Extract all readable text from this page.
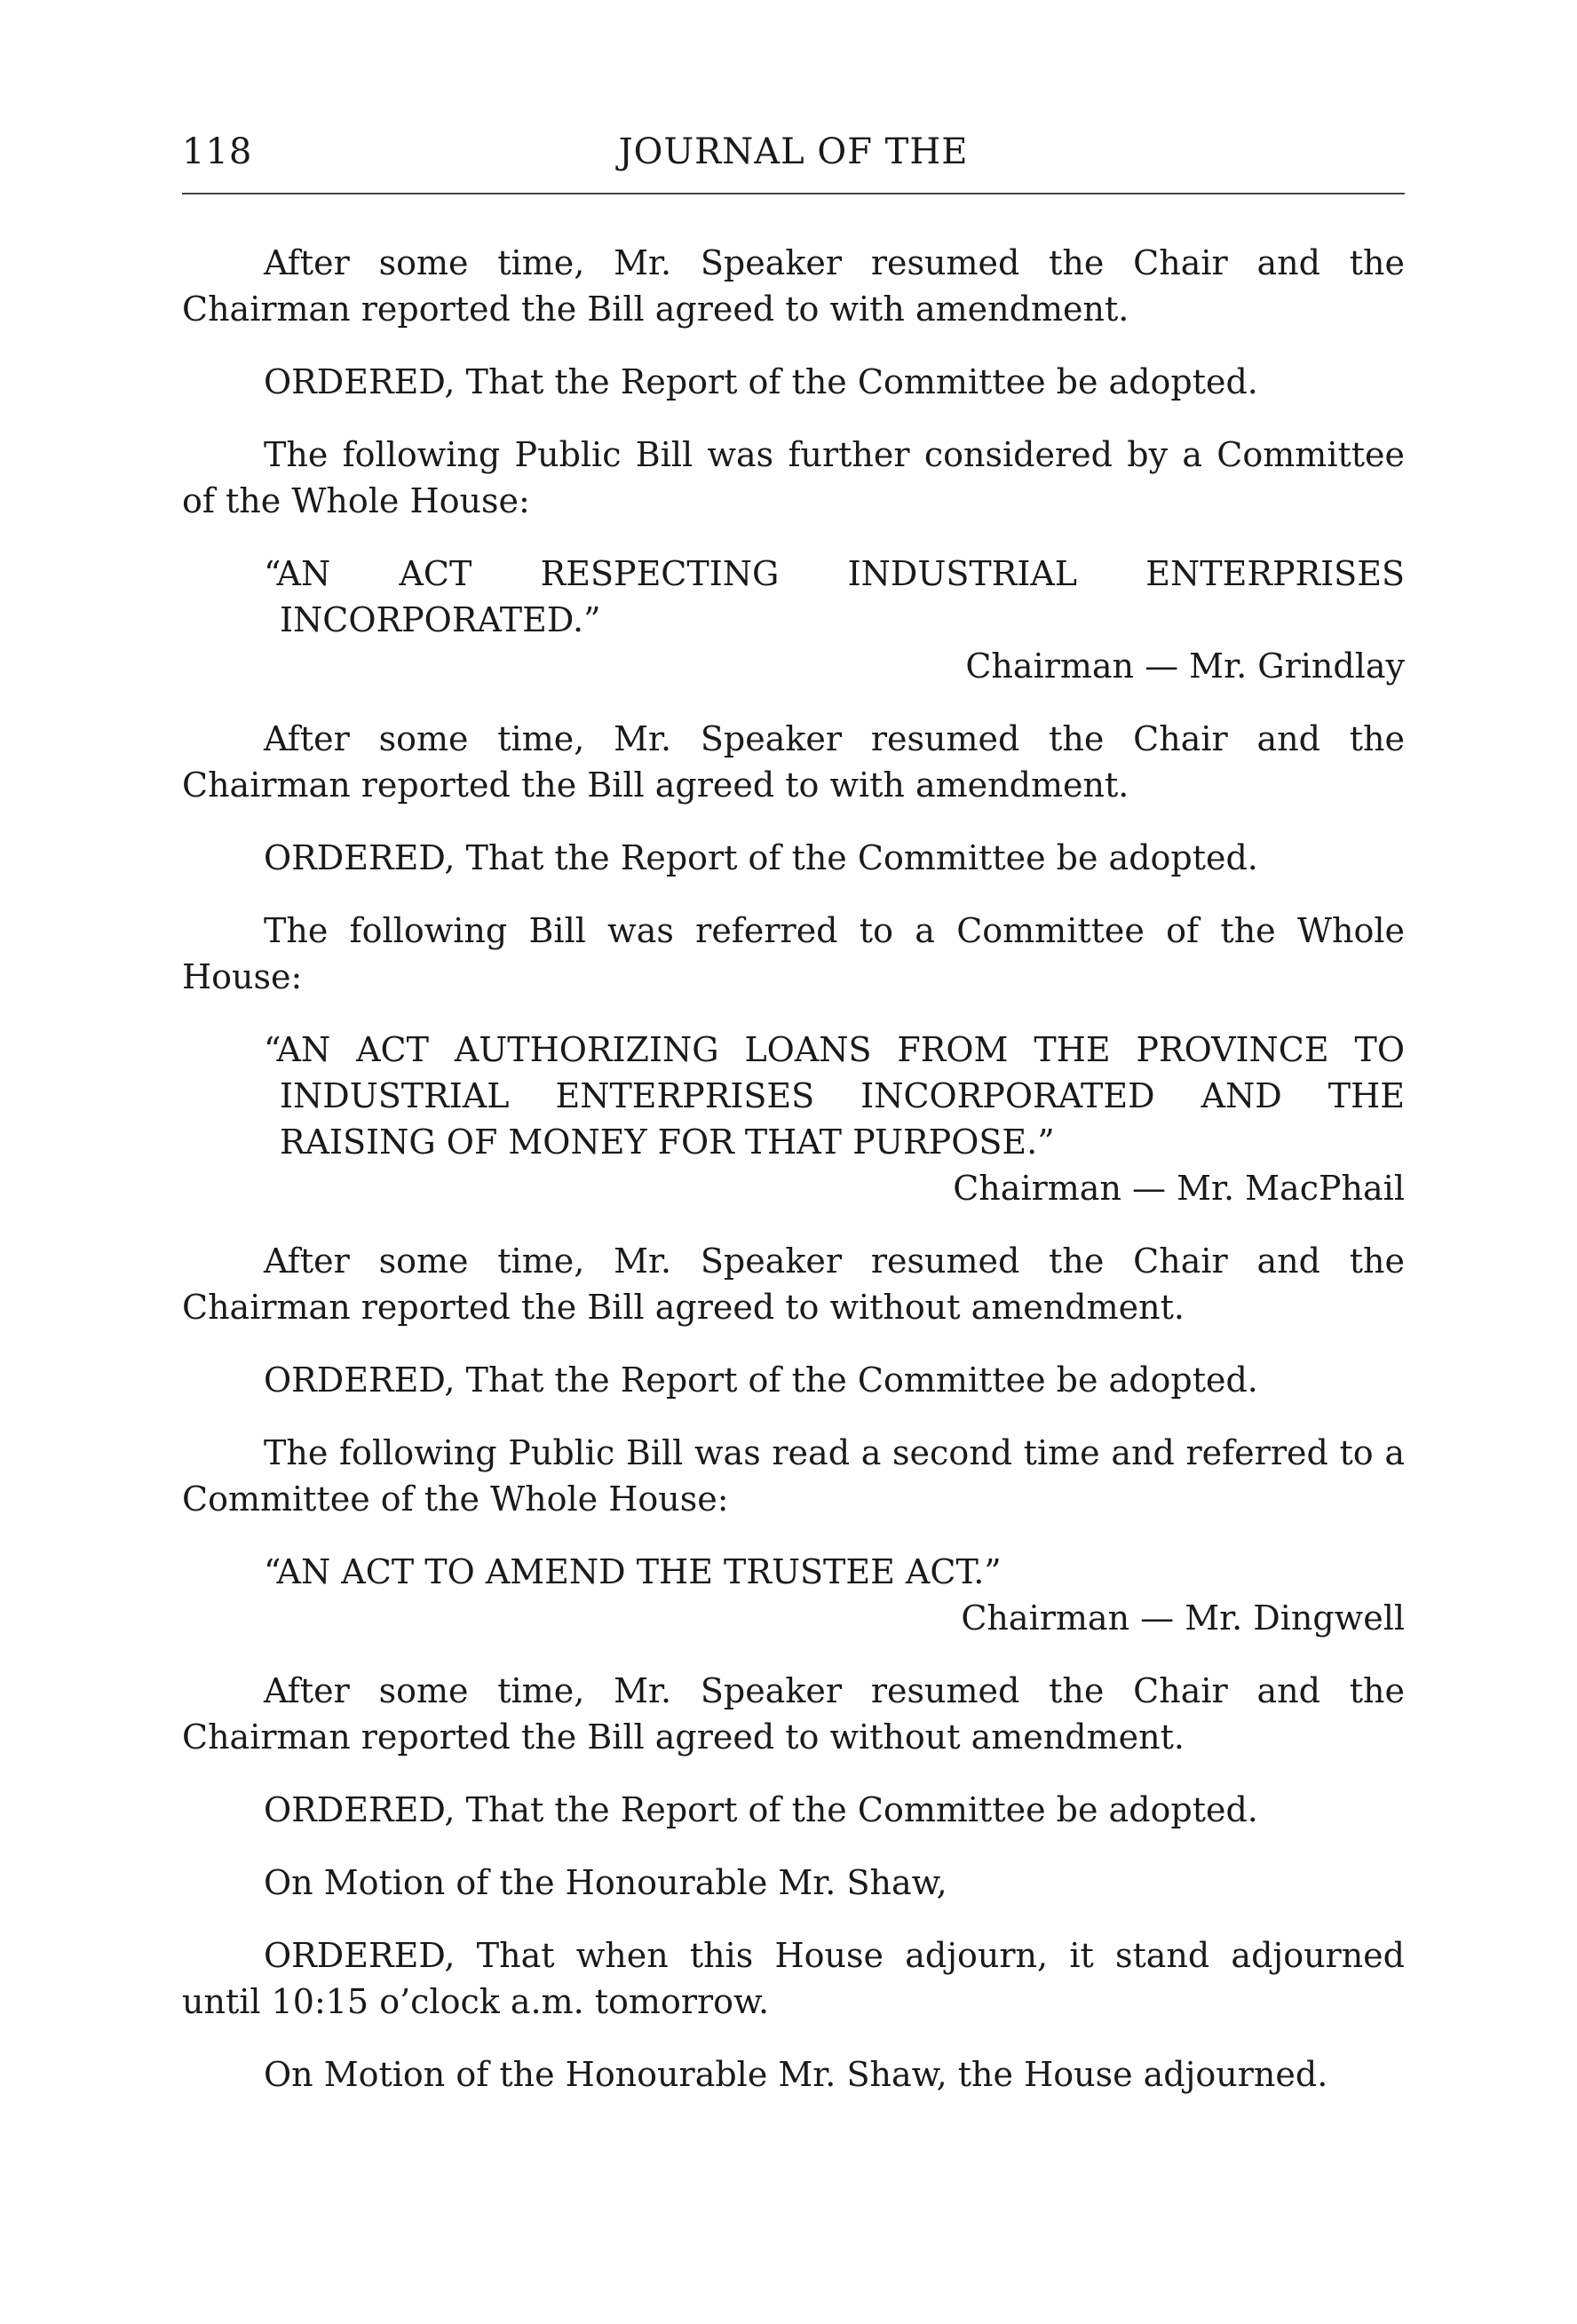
118	JOURNAL OF THE

After some time, Mr. Speaker resumed the Chair and the Chairman reported the Bill agreed to with amendment.

ORDERED, That the Report of the Committee be adopted.

The following Public Bill was further considered by a Committee of the Whole House:

“AN ACT RESPECTING INDUSTRIAL ENTERPRISES INCORPORATED.”

Chairman — Mr. Grindlay

After some time, Mr. Speaker resumed the Chair and the Chairman reported the Bill agreed to with amendment.

ORDERED, That the Report of the Committee be adopted.

The following Bill was referred to a Committee of the Whole House:

“AN ACT AUTHORIZING LOANS FROM THE PROVINCE TO INDUSTRIAL ENTERPRISES INCORPORATED AND THE RAISING OF MONEY FOR THAT PURPOSE.”

Chairman — Mr. MacPhail

After some time, Mr. Speaker resumed the Chair and the Chairman reported the Bill agreed to without amendment.

ORDERED, That the Report of the Committee be adopted.

The following Public Bill was read a second time and referred to a Committee of the Whole House:

“AN ACT TO AMEND THE TRUSTEE ACT.”

Chairman — Mr. Dingwell

After some time, Mr. Speaker resumed the Chair and the Chairman reported the Bill agreed to without amendment.

ORDERED, That the Report of the Committee be adopted.

On Motion of the Honourable Mr. Shaw,

ORDERED, That when this House adjourn, it stand adjourned until 10:15 o’clock a.m. tomorrow.

On Motion of the Honourable Mr. Shaw, the House adjourned.
